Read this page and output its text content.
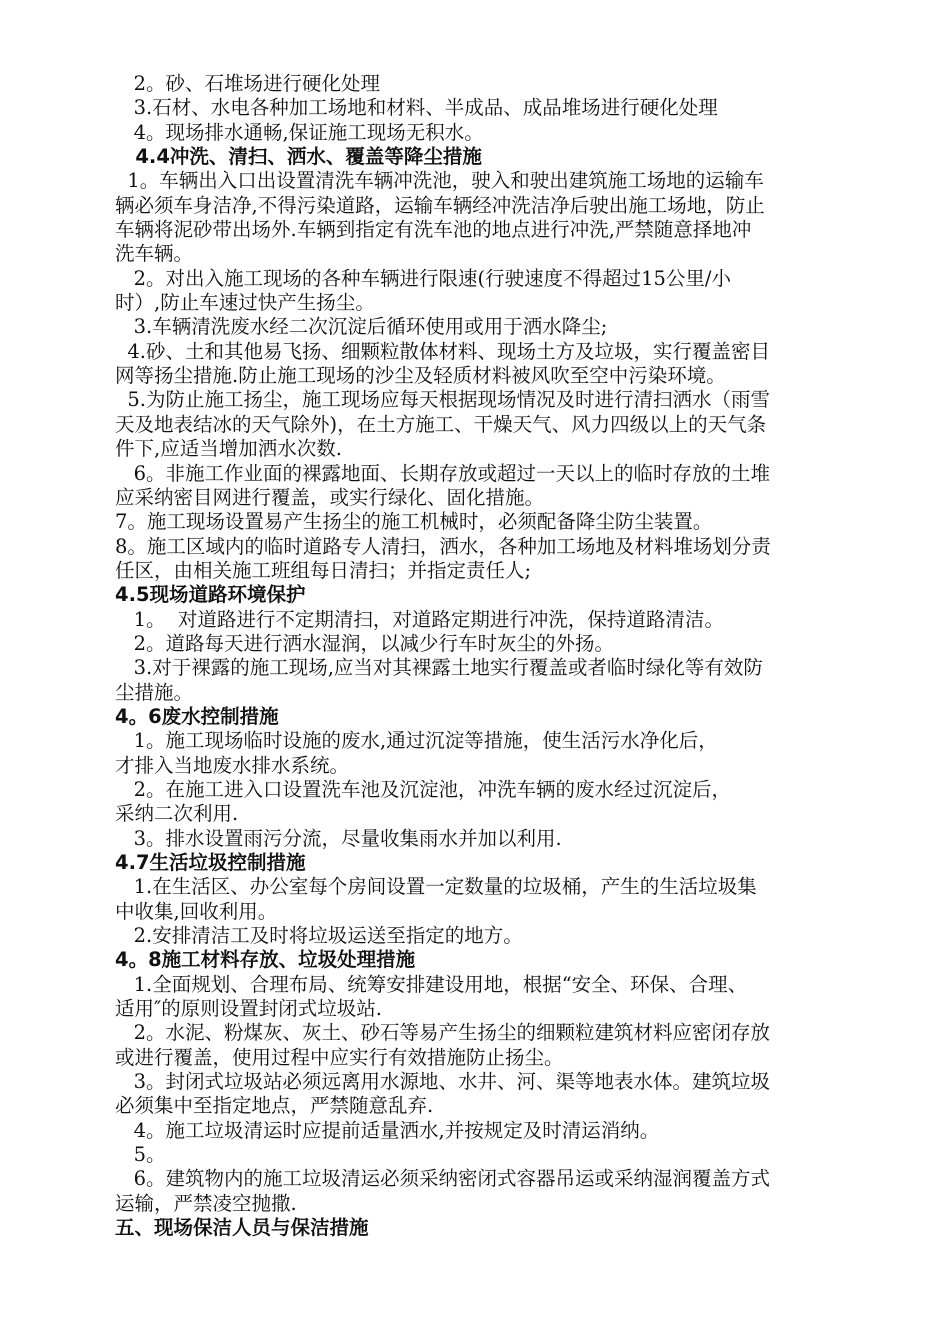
2。砂、石堆场进行硬化处理
3.石材、水电各种加工场地和材料、半成品、成品堆场进行硬化处理
4。现场排水通畅,保证施工现场无积水。
4.4冲洗、清扫、洒水、覆盖等降尘措施
1。车辆出入口出设置清洗车辆冲洗池，驶入和驶出建筑施工场地的运输车
辆必须车身洁净,不得污染道路，运输车辆经冲洗洁净后驶出施工场地，防止
车辆将泥砂带出场外.车辆到指定有洗车池的地点进行冲洗,严禁随意择地冲
洗车辆。
2。对出入施工现场的各种车辆进行限速(行驶速度不得超过15公里/小
时）,防止车速过快产生扬尘。
3.车辆清洗废水经二次沉淀后循环使用或用于洒水降尘;
4.砂、土和其他易飞扬、细颗粒散体材料、现场土方及垃圾，实行覆盖密目
网等扬尘措施.防止施工现场的沙尘及轻质材料被风吹至空中污染环境。
5.为防止施工扬尘，施工现场应每天根据现场情况及时进行清扫洒水（雨雪
天及地表结冰的天气除外)，在土方施工、干燥天气、风力四级以上的天气条
件下,应适当增加洒水次数.
6。非施工作业面的裸露地面、长期存放或超过一天以上的临时存放的土堆
应采纳密目网进行覆盖，或实行绿化、固化措施。
7。施工现场设置易产生扬尘的施工机械时，必须配备降尘防尘装置。
8。施工区域内的临时道路专人清扫，洒水，各种加工场地及材料堆场划分责
任区，由相关施工班组每日清扫；并指定责任人;
4.5现场道路环境保护
1。  对道路进行不定期清扫，对道路定期进行冲洗，保持道路清洁。
2。道路每天进行洒水湿润，以减少行车时灰尘的外扬。
3.对于裸露的施工现场,应当对其裸露土地实行覆盖或者临时绿化等有效防
尘措施。
4。6废水控制措施
1。施工现场临时设施的废水,通过沉淀等措施，使生活污水净化后，
才排入当地废水排水系统。
2。在施工进入口设置洗车池及沉淀池，冲洗车辆的废水经过沉淀后，
采纳二次利用.
3。排水设置雨污分流，尽量收集雨水并加以利用.
4.7生活垃圾控制措施
1.在生活区、办公室每个房间设置一定数量的垃圾桶，产生的生活垃圾集
中收集,回收利用。
2.安排清洁工及时将垃圾运送至指定的地方。
4。8施工材料存放、垃圾处理措施
1.全面规划、合理布局、统筹安排建设用地，根据“安全、环保、合理、
适用″的原则设置封闭式垃圾站.
2。水泥、粉煤灰、灰土、砂石等易产生扬尘的细颗粒建筑材料应密闭存放
或进行覆盖，使用过程中应实行有效措施防止扬尘。
3。封闭式垃圾站必须远离用水源地、水井、河、渠等地表水体。建筑垃圾
必须集中至指定地点，严禁随意乱弃.
4。施工垃圾清运时应提前适量洒水,并按规定及时清运消纳。
5。
6。建筑物内的施工垃圾清运必须采纳密闭式容器吊运或采纳湿润覆盖方式
运输，严禁凌空抛撒.
五、现场保洁人员与保洁措施
